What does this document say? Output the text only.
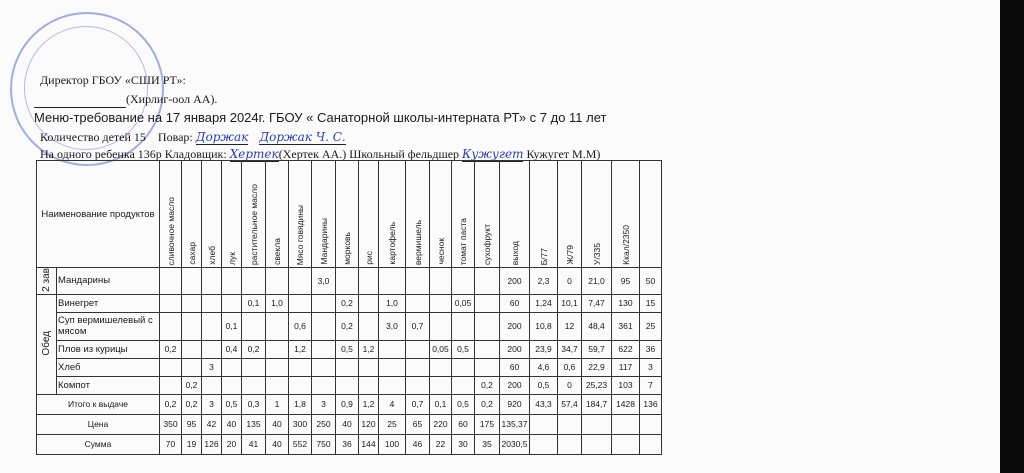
Директор ГБОУ «СШИ РТ»:
(Хирлиг-оол АА).
Меню-требование на 17 января 2024г. ГБОУ « Санаторной школы-интерната РТ» с 7 до 11 лет
Количество детей 15 Повар: Доржак Доржак Ч. С.
На одного ребенка 136р Кладовщик: Хертек(Хертек АА.) Школьный фельдшер Кужугет Кужугет М.М)
Наименование продуктов		сливочное масло	сахар	хлеб	лук	растительное масло	свекла	Мясо говядины	Мандарины	морковь	рис	картофель	вермишель	чеснок	томат паста	сухофрукт	выход	Б/77	Ж/79	У/335	Ккал/2350	
2 зав	Мандарины								3,0								200	2,3	0	21,0	95	50
Обед	Винегрет					0,1	1,0			0,2		1,0			0,05		60	1,24	10,1	7,47	130	15
	Суп вермишелевый с мясом				0,1			0,6		0,2		3,0	0,7				200	10,8	12	48,4	361	25
	Плов из курицы	0,2			0,4	0,2		1,2		0,5	1,2			0,05	0,5		200	23,9	34,7	59,7	622	36
	Хлеб			3													60	4,6	0,6	22,9	117	3
	Компот		0,2													0,2	200	0,5	0	25,23	103	7
Итого к выдаче		0,2	0,2	3	0,5	0,3	1	1,8	3	0,9	1,2	4	0,7	0,1	0,5	0,2	920	43,3	57,4	184,7	1428	136
Цена		350	95	42	40	135	40	300	250	40	120	25	65	220	60	175	135,37					
Сумма		70	19	126	20	41	40	552	750	36	144	100	46	22	30	35	2030,5					
